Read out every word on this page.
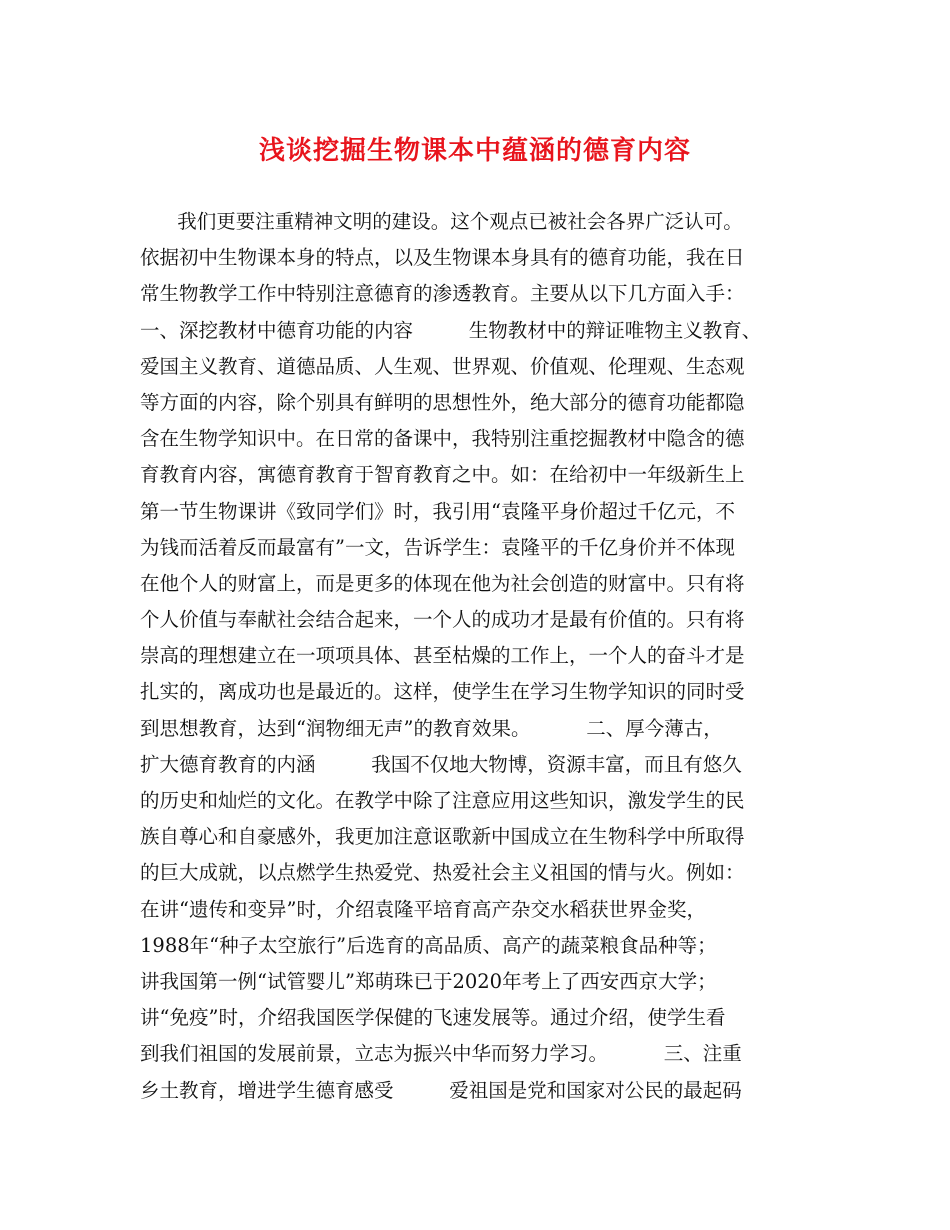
浅谈挖掘生物课本中蕴涵的德育内容
我们更要注重精神文明的建设。这个观点已被社会各界广泛认可。
依据初中生物课本身的特点，以及生物课本身具有的德育功能，我在日
常生物教学工作中特别注意德育的渗透教育。主要从以下几方面入手：
一、深挖教材中德育功能的内容         生物教材中的辩证唯物主义教育、
爱国主义教育、道德品质、人生观、世界观、价值观、伦理观、生态观
等方面的内容，除个别具有鲜明的思想性外，绝大部分的德育功能都隐
含在生物学知识中。在日常的备课中，我特别注重挖掘教材中隐含的德
育教育内容，寓德育教育于智育教育之中。如：在给初中一年级新生上
第一节生物课讲《致同学们》时，我引用“袁隆平身价超过千亿元，不
为钱而活着反而最富有”一文，告诉学生：袁隆平的千亿身价并不体现
在他个人的财富上，而是更多的体现在他为社会创造的财富中。只有将
个人价值与奉献社会结合起来，一个人的成功才是最有价值的。只有将
崇高的理想建立在一项项具体、甚至枯燥的工作上，一个人的奋斗才是
扎实的，离成功也是最近的。这样，使学生在学习生物学知识的同时受
到思想教育，达到“润物细无声”的教育效果。         二、厚今薄古，
扩大德育教育的内涵         我国不仅地大物博，资源丰富，而且有悠久
的历史和灿烂的文化。在教学中除了注意应用这些知识，激发学生的民
族自尊心和自豪感外，我更加注意讴歌新中国成立在生物科学中所取得
的巨大成就，以点燃学生热爱党、热爱社会主义祖国的情与火。例如：
在讲“遗传和变异”时，介绍袁隆平培育高产杂交水稻获世界金奖，
1988年“种子太空旅行”后选育的高品质、高产的蔬菜粮食品种等；
讲我国第一例“试管婴儿”郑萌珠已于2020年考上了西安西京大学；
讲“免疫”时，介绍我国医学保健的飞速发展等。通过介绍，使学生看
到我们祖国的发展前景，立志为振兴中华而努力学习。         三、注重
乡土教育，增进学生德育感受         爱祖国是党和国家对公民的最起码
